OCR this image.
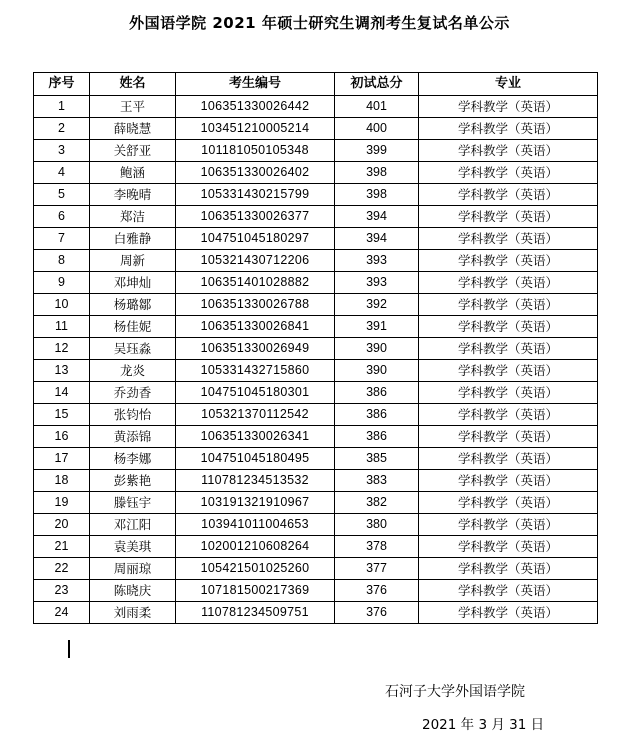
外国语学院 2021 年硕士研究生调剂考生复试名单公示
序号	姓名	考生编号	初试总分	专业
1	王平	106351330026442	401	学科教学（英语）
2	薛晓慧	103451210005214	400	学科教学（英语）
3	关舒亚	101181050105348	399	学科教学（英语）
4	鲍涵	106351330026402	398	学科教学（英语）
5	李晚晴	105331430215799	398	学科教学（英语）
6	郑洁	106351330026377	394	学科教学（英语）
7	白雅静	104751045180297	394	学科教学（英语）
8	周新	105321430712206	393	学科教学（英语）
9	邓坤灿	106351401028882	393	学科教学（英语）
10	杨璐鄒	106351330026788	392	学科教学（英语）
11	杨佳妮	106351330026841	391	学科教学（英语）
12	吴珏淼	106351330026949	390	学科教学（英语）
13	龙炎	105331432715860	390	学科教学（英语）
14	乔劲香	104751045180301	386	学科教学（英语）
15	张钧怡	105321370112542	386	学科教学（英语）
16	黄添锦	106351330026341	386	学科教学（英语）
17	杨李娜	104751045180495	385	学科教学（英语）
18	彭紫艳	110781234513532	383	学科教学（英语）
19	滕钰宇	103191321910967	382	学科教学（英语）
20	邓江阳	103941011004653	380	学科教学（英语）
21	袁美琪	102001210608264	378	学科教学（英语）
22	周丽琼	105421501025260	377	学科教学（英语）
23	陈晓庆	107181500217369	376	学科教学（英语）
24	刘雨柔	110781234509751	376	学科教学（英语）
石河子大学外国语学院
2021 年 3 月 31 日
